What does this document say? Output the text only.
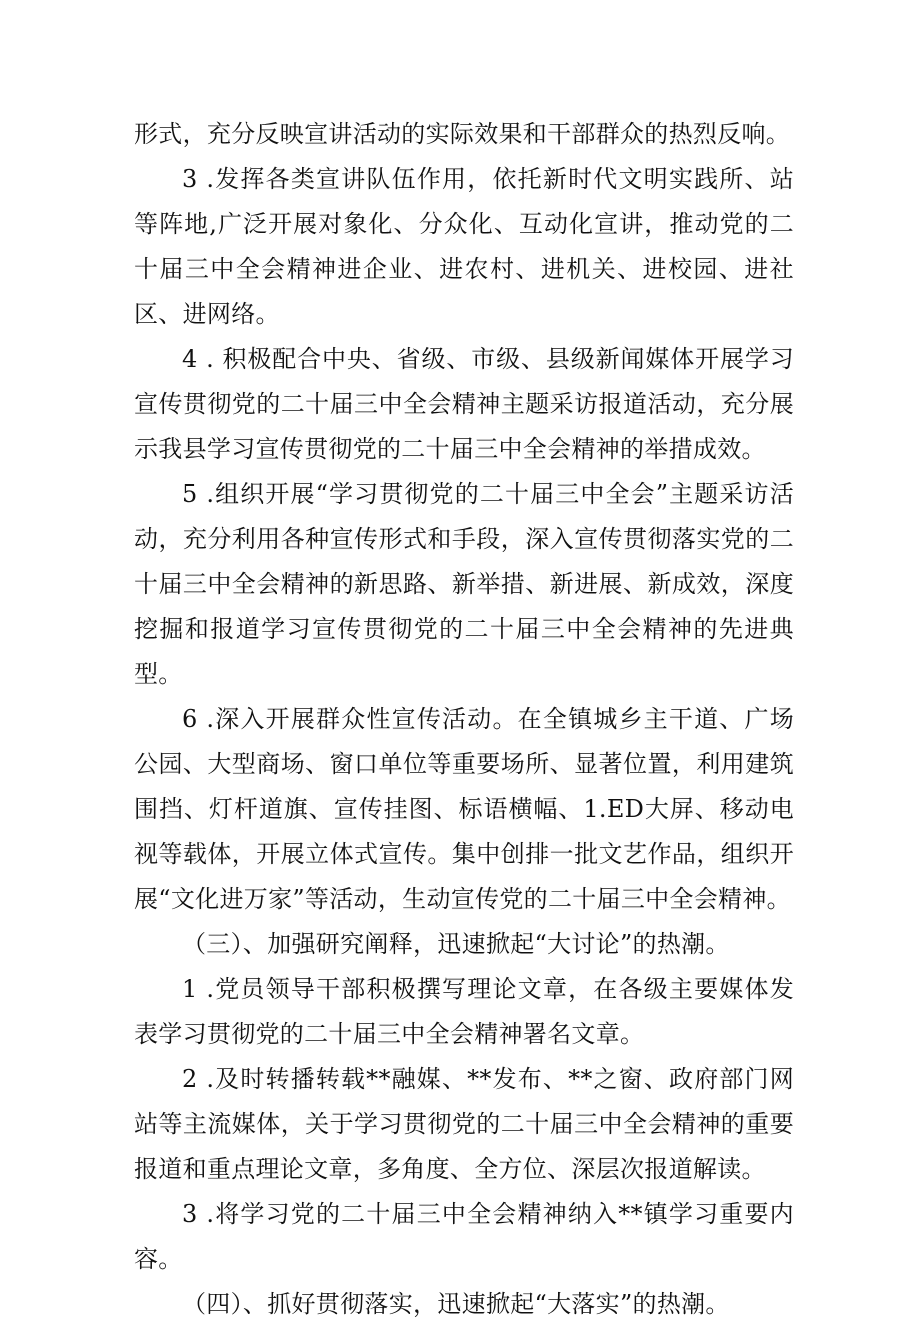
形式，充分反映宣讲活动的实际效果和干部群众的热烈反响。

3 .发挥各类宣讲队伍作用，依托新时代文明实践所、站等阵地,广泛开展对象化、分众化、互动化宣讲，推动党的二十届三中全会精神进企业、进农村、进机关、进校园、进社区、进网络。

4 . 积极配合中央、省级、市级、县级新闻媒体开展学习宣传贯彻党的二十届三中全会精神主题采访报道活动，充分展示我县学习宣传贯彻党的二十届三中全会精神的举措成效。

5 .组织开展“学习贯彻党的二十届三中全会”主题采访活动，充分利用各种宣传形式和手段，深入宣传贯彻落实党的二十届三中全会精神的新思路、新举措、新进展、新成效，深度挖掘和报道学习宣传贯彻党的二十届三中全会精神的先进典型。

6 .深入开展群众性宣传活动。在全镇城乡主干道、广场公园、大型商场、窗口单位等重要场所、显著位置，利用建筑围挡、灯杆道旗、宣传挂图、标语横幅、1.ED大屏、移动电视等载体，开展立体式宣传。集中创排一批文艺作品，组织开展“文化进万家”等活动，生动宣传党的二十届三中全会精神。

（三）、加强研究阐释，迅速掀起“大讨论”的热潮。

1 .党员领导干部积极撰写理论文章，在各级主要媒体发表学习贯彻党的二十届三中全会精神署名文章。

2 .及时转播转载**融媒、**发布、**之窗、政府部门网站等主流媒体，关于学习贯彻党的二十届三中全会精神的重要报道和重点理论文章，多角度、全方位、深层次报道解读。

3 .将学习党的二十届三中全会精神纳入**镇学习重要内容。

（四）、抓好贯彻落实，迅速掀起“大落实”的热潮。
